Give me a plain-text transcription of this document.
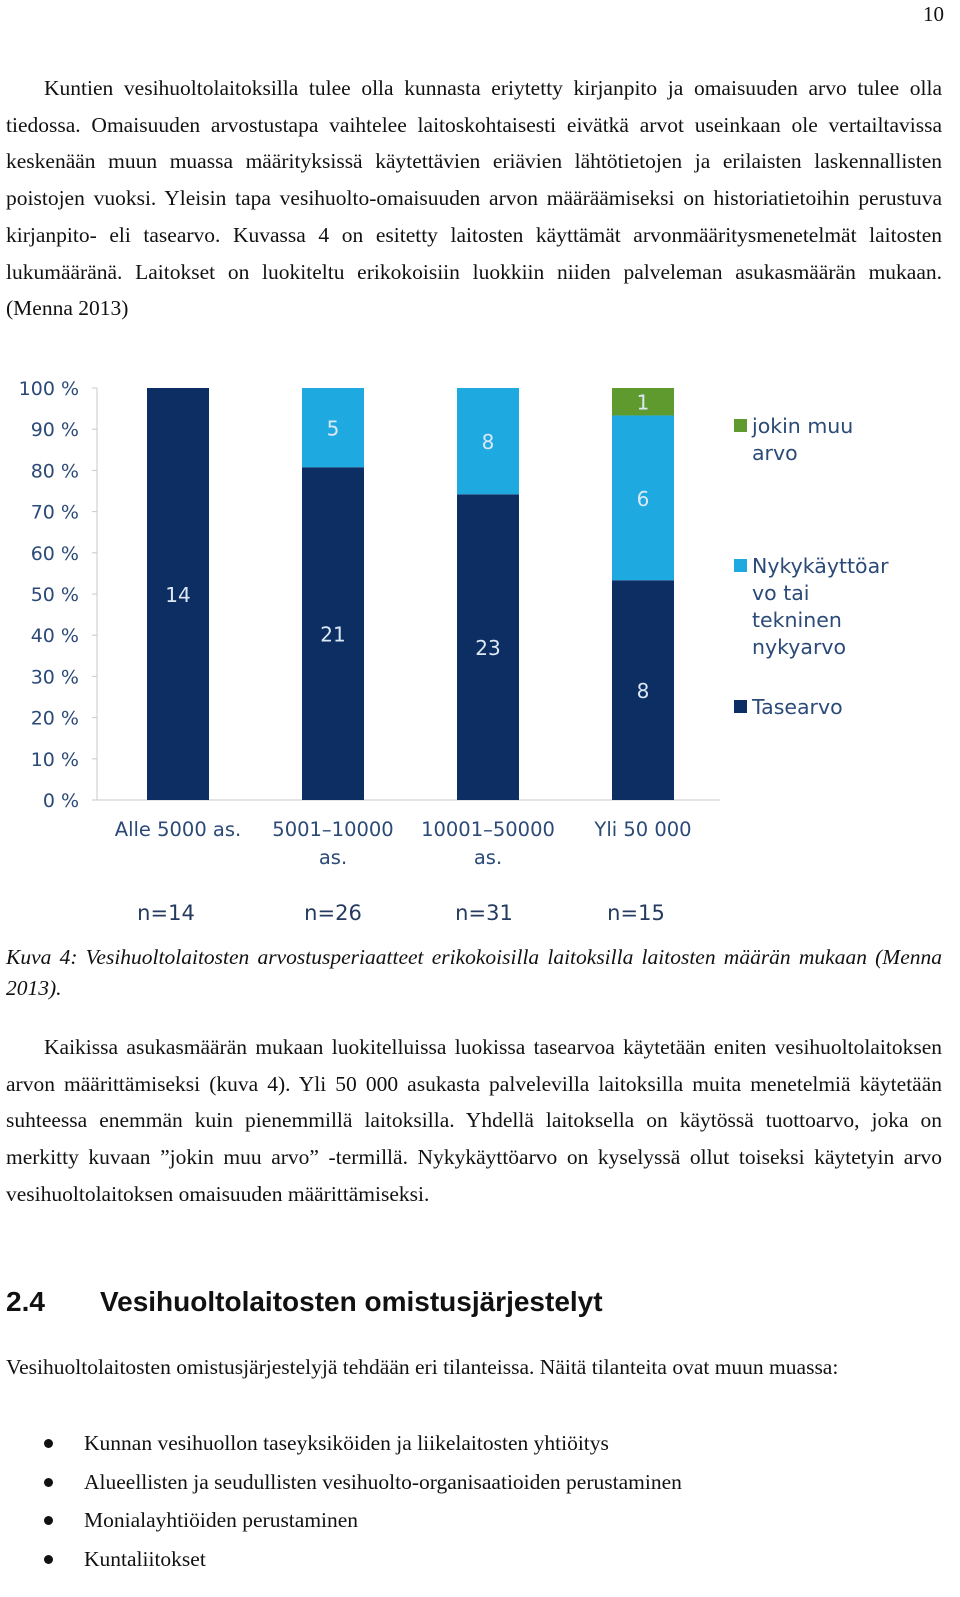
10

Kuntien vesihuoltolaitoksilla tulee olla kunnasta eriytetty kirjanpito ja omaisuuden arvo tulee olla tiedossa. Omaisuuden arvostustapa vaihtelee laitoskohtaisesti eivätkä arvot useinkaan ole vertailtavissa keskenään muun muassa määrityksissä käytettävien eriävien lähtötietojen ja erilaisten laskennallisten poistojen vuoksi. Yleisin tapa vesihuolto-omaisuuden arvon määräämiseksi on historiatietoihin perustuva kirjanpito- eli tasearvo. Kuvassa 4 on esitetty laitosten käyttämät arvonmääritysmenetelmät laitosten lukumääränä. Laitokset on luokiteltu erikokoisiin luokkiin niiden palveleman asukasmäärän mukaan. (Menna 2013)

0 %
10 %
20 %
30 %
40 %
50 %
60 %
70 %
80 %
90 %
100 %
14
21
5
23
8
8
6
1
Alle 5000 as. 5001–10000
as.
10001–50000
as.
Yli 50 000
n=14	n=26	n=31	n=15
jokin muu
arvo
Nykykäyttöar
vo tai
tekninen
nykyarvo
Tasearvo

Kuva 4: Vesihuoltolaitosten arvostusperiaatteet erikokoisilla laitoksilla laitosten määrän mukaan (Menna 2013).

Kaikissa asukasmäärän mukaan luokitelluissa luokissa tasearvoa käytetään eniten vesihuoltolaitoksen arvon määrittämiseksi (kuva 4). Yli 50 000 asukasta palvelevilla laitoksilla muita menetelmiä käytetään suhteessa enemmän kuin pienemmillä laitoksilla. Yhdellä laitoksella on käytössä tuottoarvo, joka on merkitty kuvaan ”jokin muu arvo” -termillä. Nykykäyttöarvo on kyselyssä ollut toiseksi käytetyin arvo vesihuoltolaitoksen omaisuuden määrittämiseksi.

2.4 Vesihuoltolaitosten omistusjärjestelyt

Vesihuoltolaitosten omistusjärjestelyjä tehdään eri tilanteissa. Näitä tilanteita ovat muun muassa:

Kunnan vesihuollon taseyksiköiden ja liikelaitosten yhtiöitys
Alueellisten ja seudullisten vesihuolto-organisaatioiden perustaminen
Monialayhtiöiden perustaminen
Kuntaliitokset
